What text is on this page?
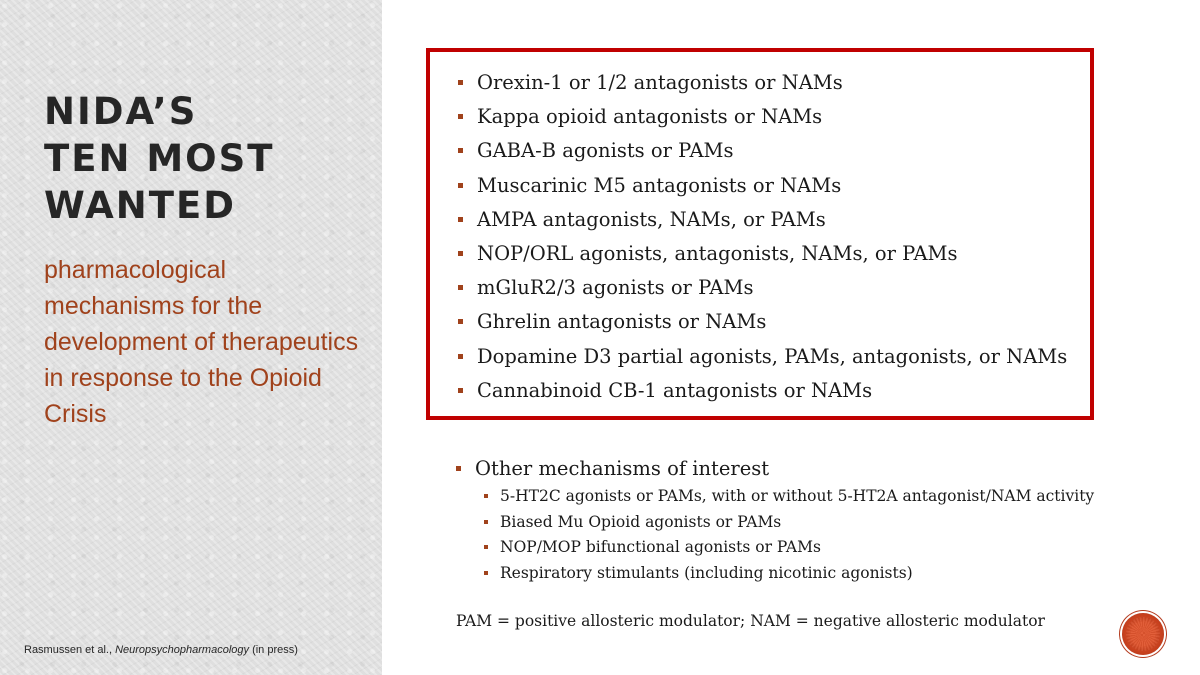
NIDA’S
TEN MOST
WANTED
pharmacological mechanisms for the development of therapeutics in response to the Opioid Crisis
Rasmussen et al., Neuropsychopharmacology (in press)
Orexin-1 or 1/2 antagonists or NAMs
Kappa opioid antagonists or NAMs
GABA-B agonists or PAMs
Muscarinic M5 antagonists or NAMs
AMPA antagonists, NAMs, or PAMs
NOP/ORL agonists, antagonists, NAMs, or PAMs
mGluR2/3 agonists or PAMs
Ghrelin antagonists or NAMs
Dopamine D3 partial agonists, PAMs, antagonists, or NAMs
Cannabinoid CB-1 antagonists or NAMs
Other mechanisms of interest
5-HT2C agonists or PAMs, with or without 5-HT2A antagonist/NAM activity
Biased Mu Opioid agonists or PAMs
NOP/MOP bifunctional agonists or PAMs
Respiratory stimulants (including nicotinic agonists)
PAM = positive allosteric modulator; NAM = negative allosteric modulator
